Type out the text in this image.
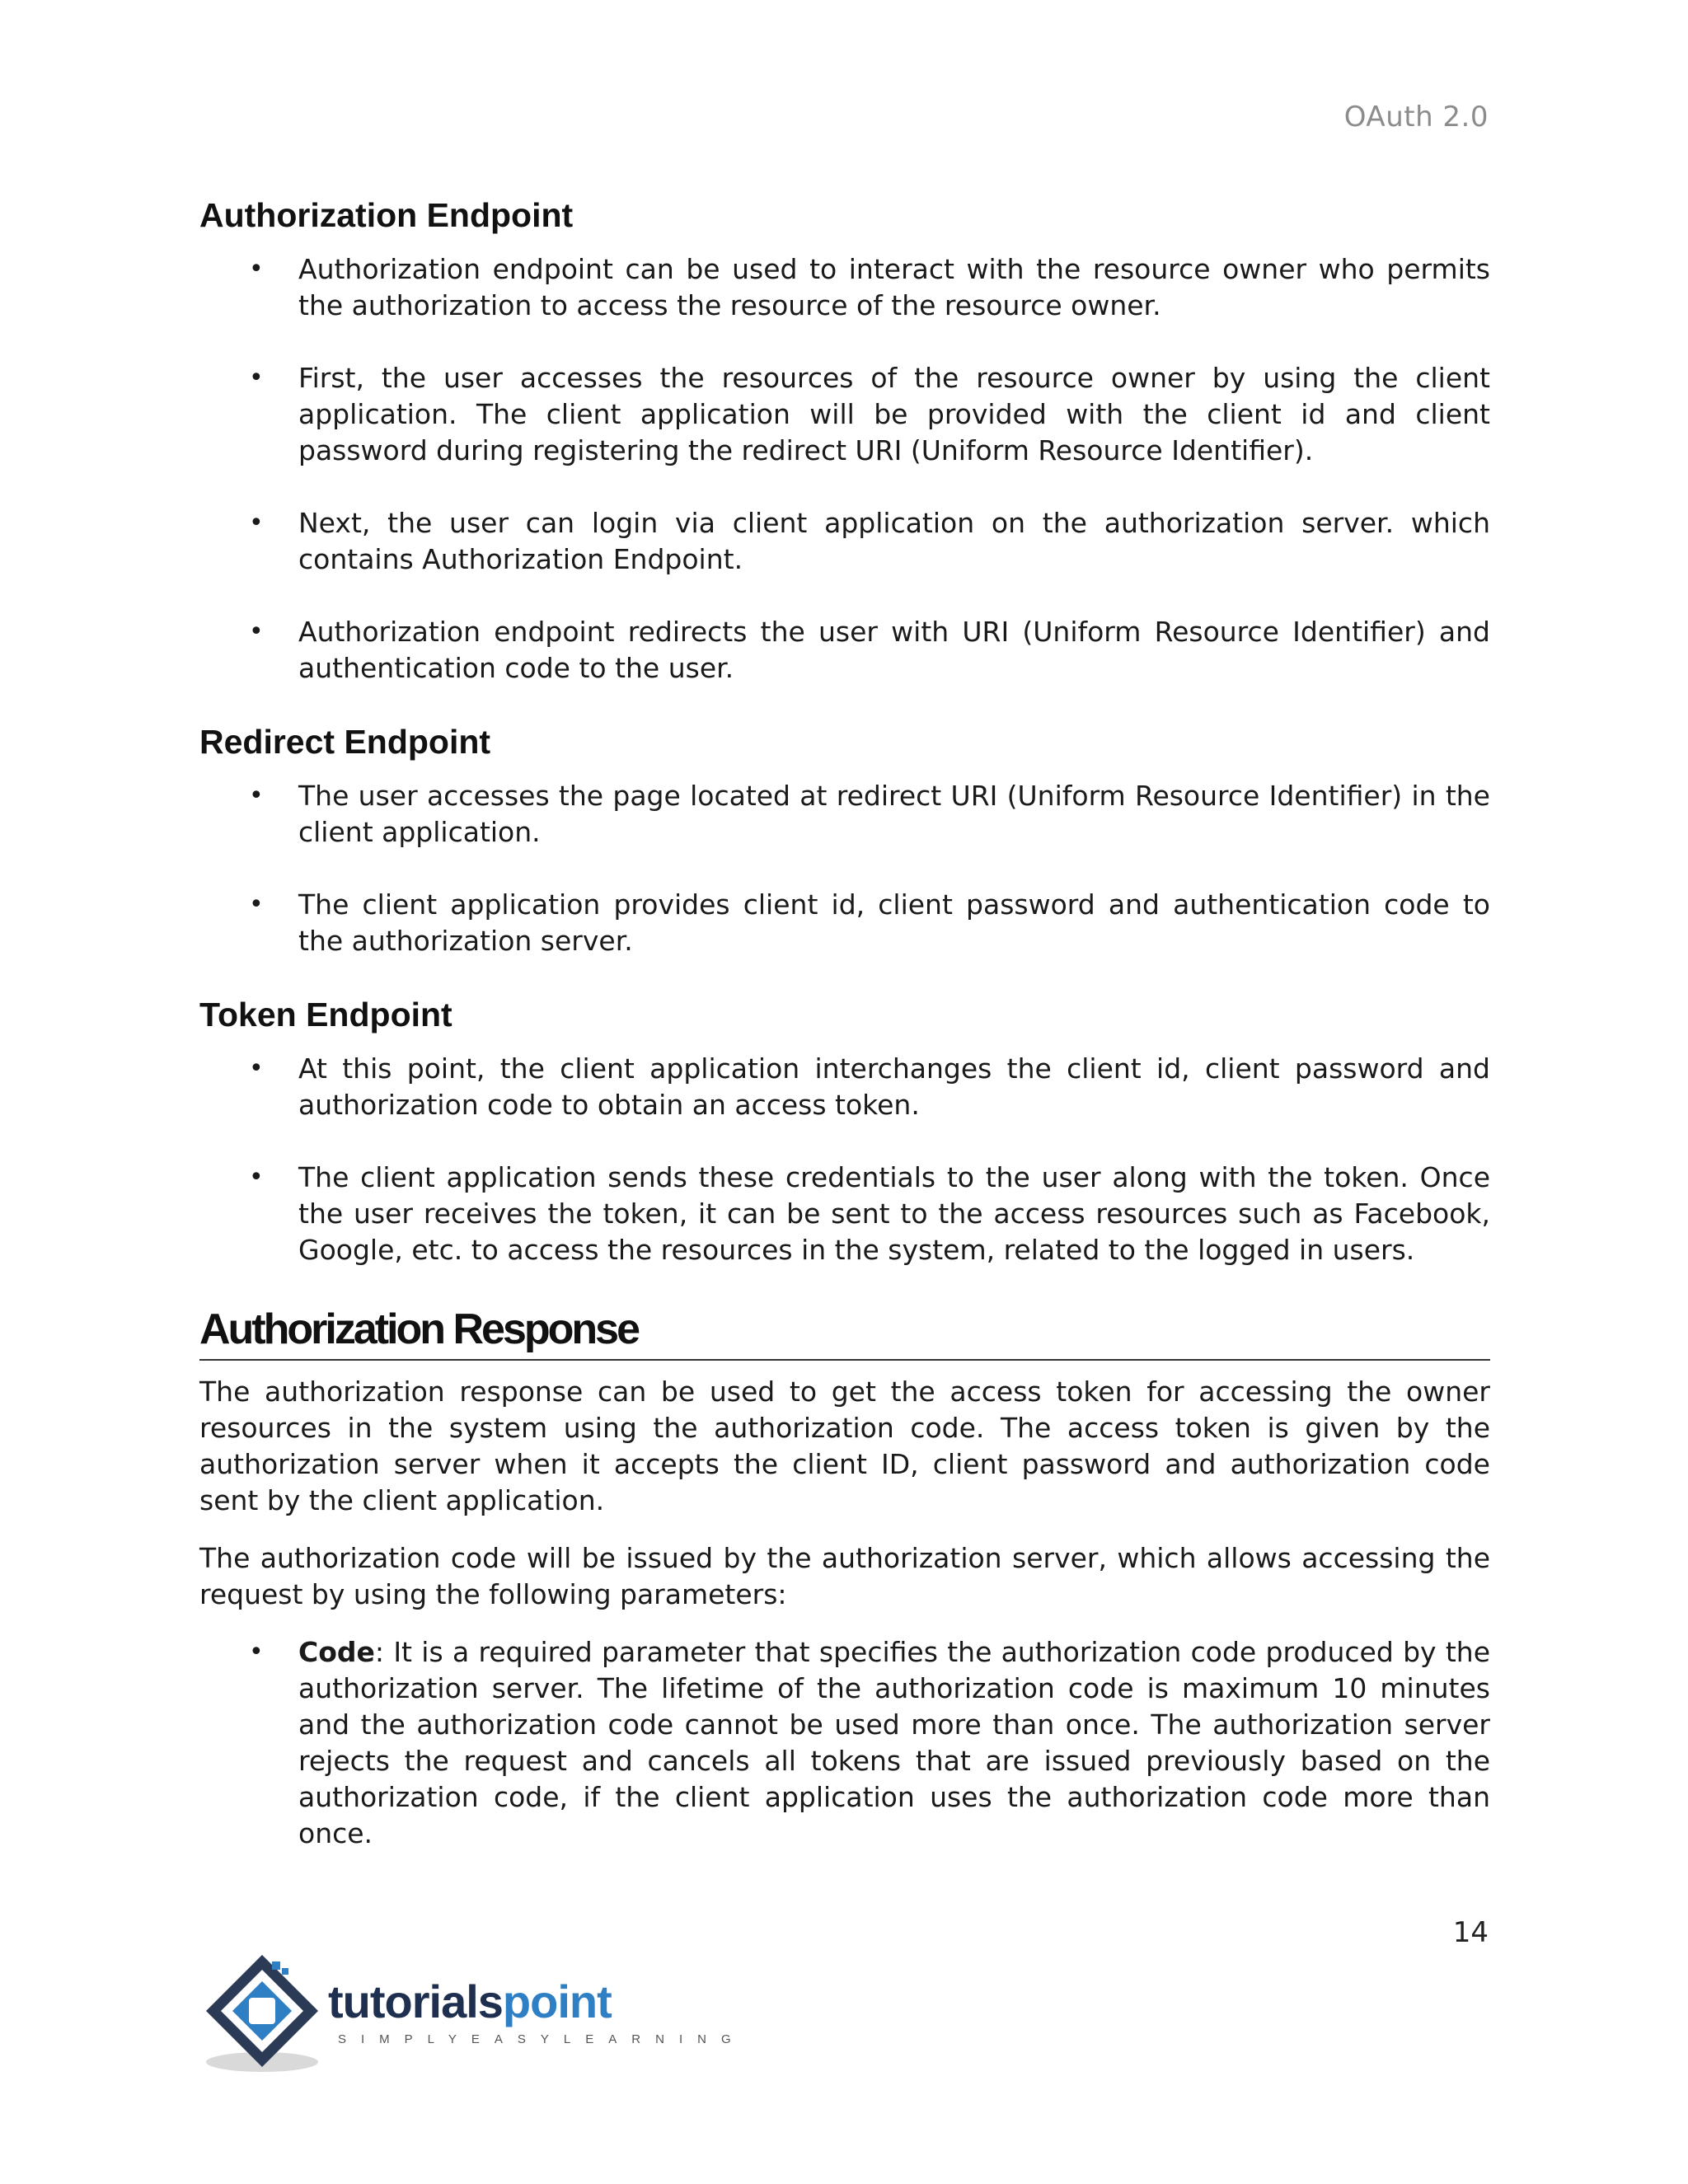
OAuth 2.0
Authorization Endpoint
• Authorization endpoint can be used to interact with the resource owner who permits the authorization to access the resource of the resource owner.
• First, the user accesses the resources of the resource owner by using the client application. The client application will be provided with the client id and client password during registering the redirect URI (Uniform Resource Identifier).
• Next, the user can login via client application on the authorization server. which contains Authorization Endpoint.
• Authorization endpoint redirects the user with URI (Uniform Resource Identifier) and authentication code to the user.
Redirect Endpoint
• The user accesses the page located at redirect URI (Uniform Resource Identifier) in the client application.
• The client application provides client id, client password and authentication code to the authorization server.
Token Endpoint
• At this point, the client application interchanges the client id, client password and authorization code to obtain an access token.
• The client application sends these credentials to the user along with the token. Once the user receives the token, it can be sent to the access resources such as Facebook, Google, etc. to access the resources in the system, related to the logged in users.
Authorization Response

The authorization response can be used to get the access token for accessing the owner resources in the system using the authorization code. The access token is given by the authorization server when it accepts the client ID, client password and authorization code sent by the client application.

The authorization code will be issued by the authorization server, which allows accessing the request by using the following parameters:

• Code: It is a required parameter that specifies the authorization code produced by the authorization server. The lifetime of the authorization code is maximum 10 minutes and the authorization code cannot be used more than once. The authorization server rejects the request and cancels all tokens that are issued previously based on the authorization code, if the client application uses the authorization code more than once.
14
tutorialspoint
SIMPLYEASYLEARNING
